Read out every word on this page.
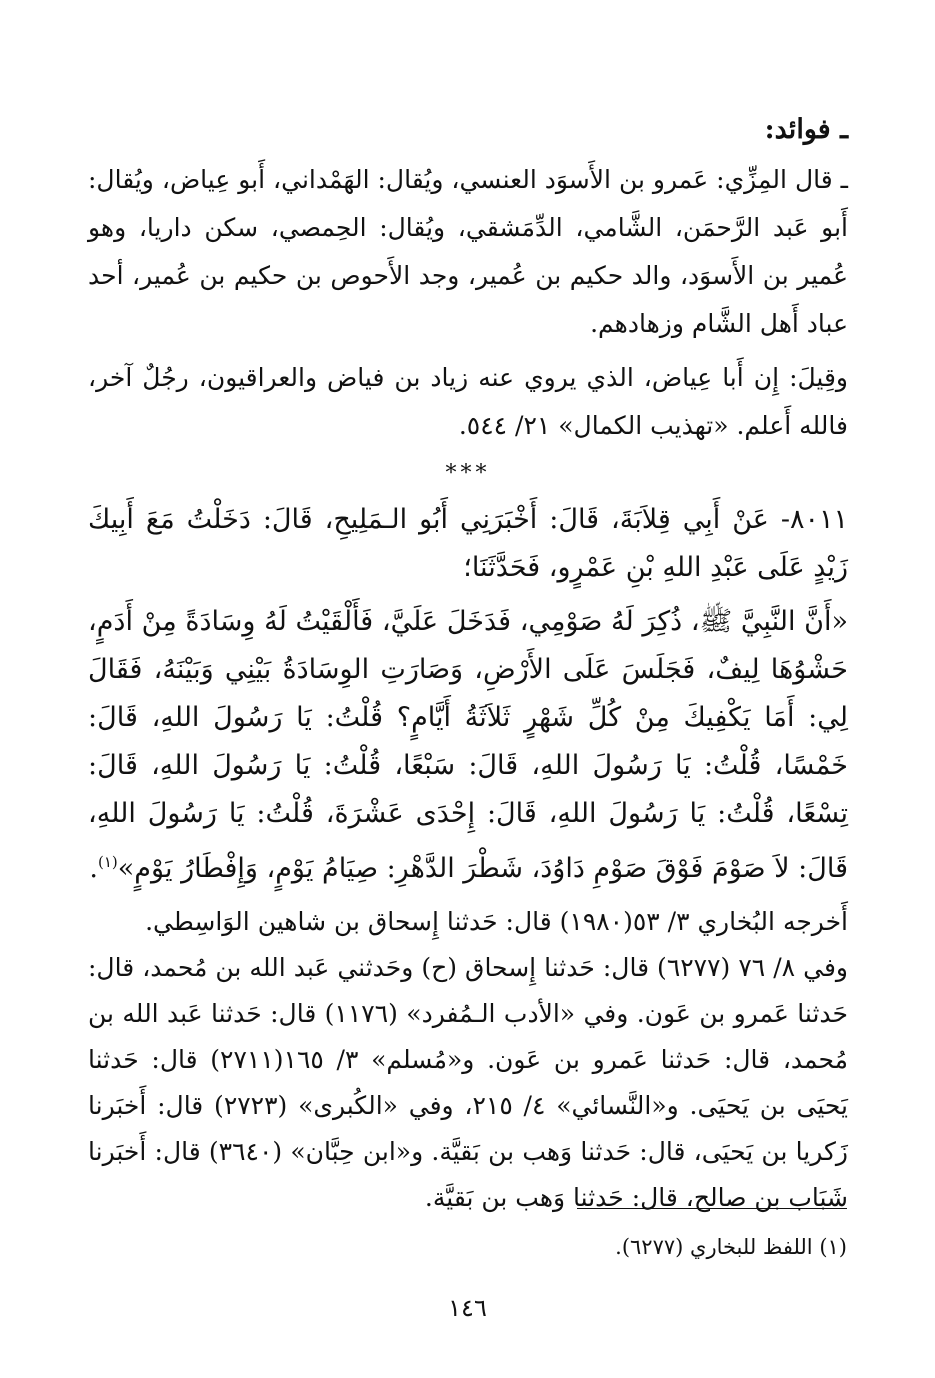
ـ فوائد:

ـ قال المِزِّي: عَمرو بن الأَسوَد العنسي، ويُقال: الهَمْداني، أَبو عِياض، ويُقال: أَبو عَبد الرَّحمَن، الشَّامي، الدِّمَشقي، ويُقال: الحِمصي، سكن داريا، وهو عُمير بن الأَسوَد، والد حكيم بن عُمير، وجد الأَحوص بن حكيم بن عُمير، أحد عباد أَهل الشَّام وزهادهم.

وقِيلَ: إِن أَبا عِياض، الذي يروي عنه زياد بن فياض والعراقيون، رجُلٌ آخر، فالله أَعلم. «تهذيب الكمال» ٢١/ ٥٤٤.

***

٨٠١١- عَنْ أَبِي قِلاَبَةَ، قَالَ: أَخْبَرَنِي أَبُو الـمَلِيحِ، قَالَ: دَخَلْتُ مَعَ أَبِيكَ زَيْدٍ عَلَى عَبْدِ اللهِ بْنِ عَمْرٍو، فَحَدَّثَنَا؛

«أَنَّ النَّبِيَّ ﷺ، ذُكِرَ لَهُ صَوْمِي، فَدَخَلَ عَلَيَّ، فَأَلْقَيْتُ لَهُ وِسَادَةً مِنْ أَدَمٍ، حَشْوُهَا لِيفٌ، فَجَلَسَ عَلَى الأَرْضِ، وَصَارَتِ الوِسَادَةُ بَيْنِي وَبَيْنَهُ، فَقَالَ لِي: أَمَا يَكْفِيكَ مِنْ كُلِّ شَهْرٍ ثَلاَثَةُ أَيَّامٍ؟ قُلْتُ: يَا رَسُولَ اللهِ، قَالَ: خَمْسًا، قُلْتُ: يَا رَسُولَ اللهِ، قَالَ: سَبْعًا، قُلْتُ: يَا رَسُولَ اللهِ، قَالَ: تِسْعًا، قُلْتُ: يَا رَسُولَ اللهِ، قَالَ: إِحْدَى عَشْرَةَ، قُلْتُ: يَا رَسُولَ اللهِ، قَالَ: لاَ صَوْمَ فَوْقَ صَوْمِ دَاوُدَ، شَطْرَ الدَّهْرِ: صِيَامُ يَوْمٍ، وَإِفْطَارُ يَوْمٍ»$^{(١)}$.

أَخرجه البُخاري ٣/ ٥٣(١٩٨٠) قال: حَدثنا إِسحاق بن شاهين الوَاسِطي.

وفي ٨/ ٧٦ (٦٢٧٧) قال: حَدثنا إِسحاق (ح) وحَدثني عَبد الله بن مُحمد، قال: حَدثنا عَمرو بن عَون. وفي «الأدب الـمُفرد» (١١٧٦) قال: حَدثنا عَبد الله بن مُحمد، قال: حَدثنا عَمرو بن عَون. و«مُسلم» ٣/ ١٦٥(٢٧١١) قال: حَدثنا يَحيَى بن يَحيَى. و«النَّسائي» ٤/ ٢١٥، وفي «الكُبرى» (٢٧٢٣) قال: أَخبَرنا زَكريا بن يَحيَى، قال: حَدثنا وَهب بن بَقيَّة. و«ابن حِبَّان» (٣٦٤٠) قال: أَخبَرنا شَبَاب بن صالح، قال: حَدثنا وَهب بن بَقيَّة.

(١) اللفظ للبخاري (٦٢٧٧).
١٤٦
